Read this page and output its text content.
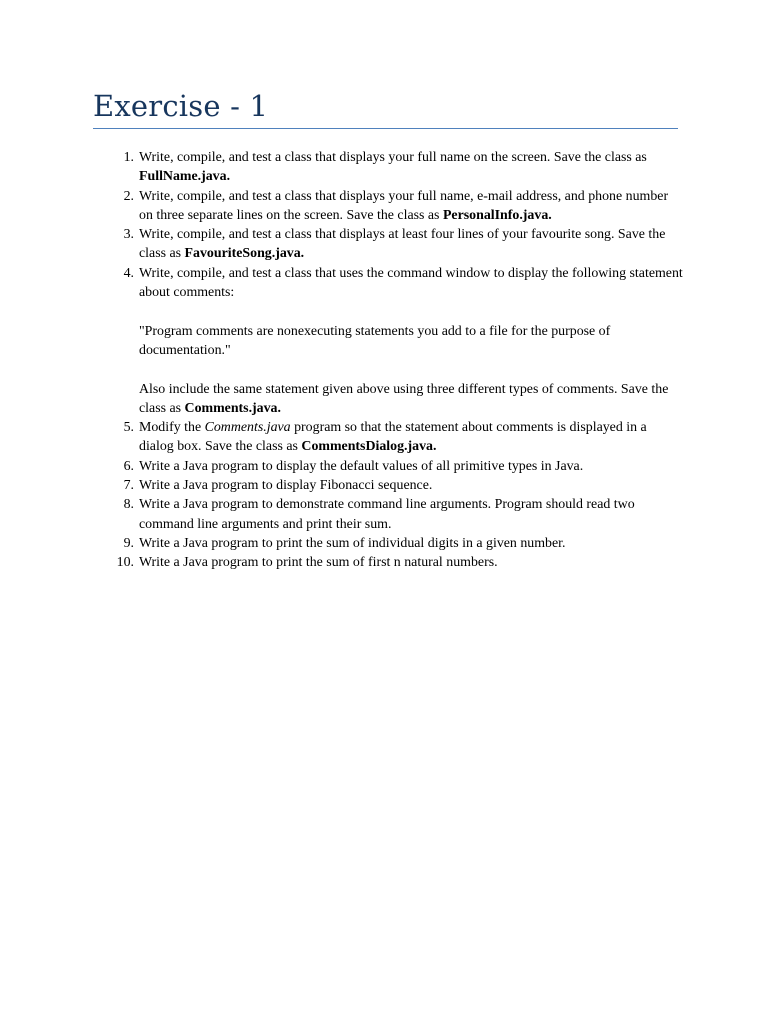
Exercise - 1
1. Write, compile, and test a class that displays your full name on the screen. Save the class as FullName.java.

2. Write, compile, and test a class that displays your full name, e-mail address, and phone number on three separate lines on the screen. Save the class as PersonalInfo.java.

3. Write, compile, and test a class that displays at least four lines of your favourite song. Save the class as FavouriteSong.java.

4. Write, compile, and test a class that uses the command window to display the following statement about comments:

"Program comments are nonexecuting statements you add to a file for the purpose of documentation."

Also include the same statement given above using three different types of comments. Save the class as Comments.java.

5. Modify the Comments.java program so that the statement about comments is displayed in a dialog box. Save the class as CommentsDialog.java.

6. Write a Java program to display the default values of all primitive types in Java.

7. Write a Java program to display Fibonacci sequence.

8. Write a Java program to demonstrate command line arguments. Program should read two command line arguments and print their sum.

9. Write a Java program to print the sum of individual digits in a given number.

10. Write a Java program to print the sum of first n natural numbers.
